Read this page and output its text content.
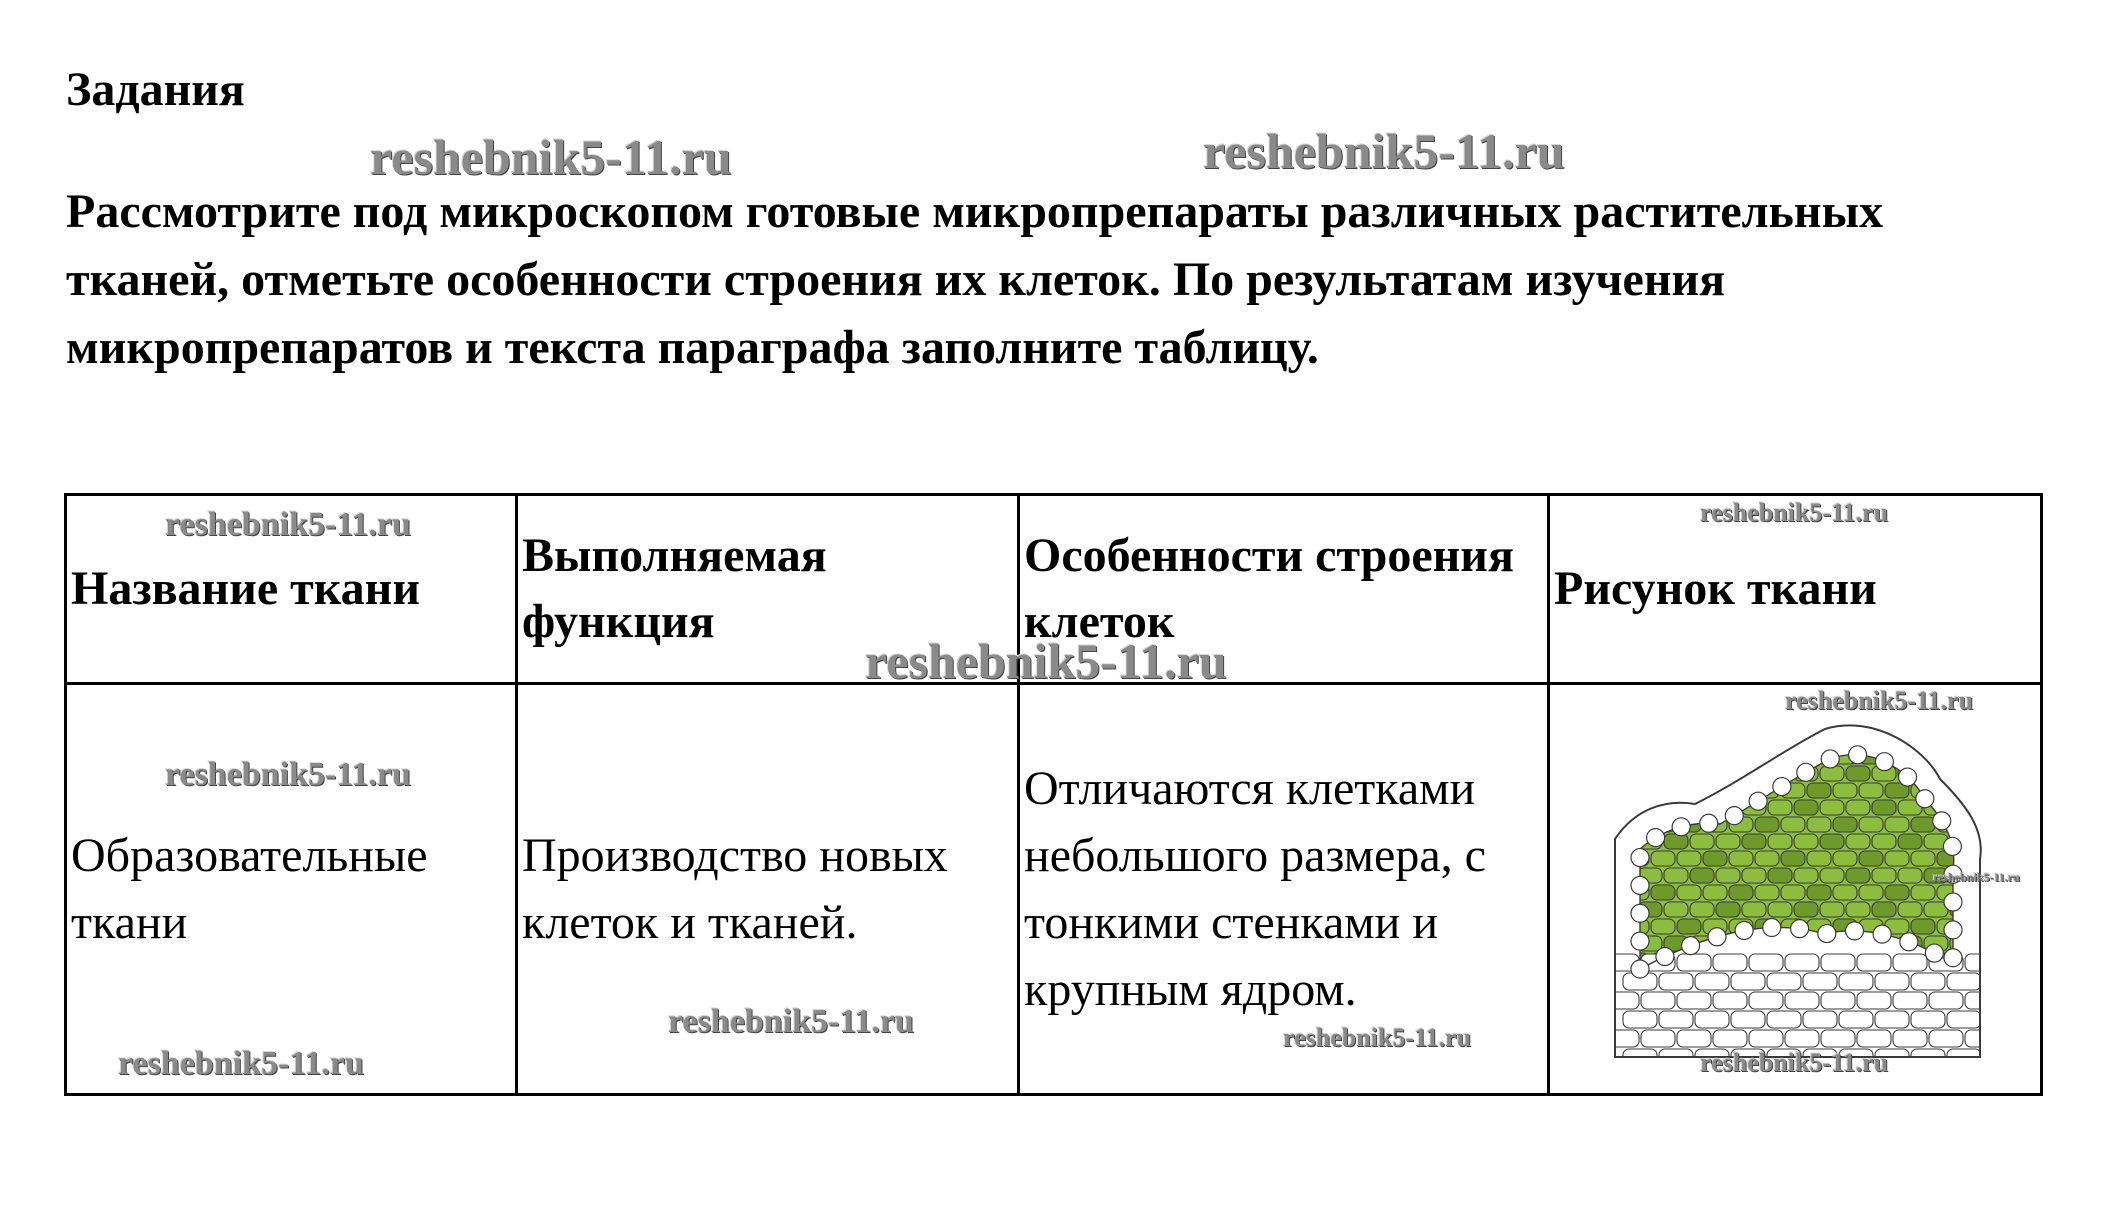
Задания

Рассмотрите под микроскопом готовые микропрепараты различных растительных тканей, отметьте особенности строения их клеток. По результатам изучения микропрепаратов и текста параграфа заполните таблицу.

Название ткани	Выполняемая функция	Особенности строения клеток	Рисунок ткани
Образовательные ткани	Производство новых клеток и тканей.	Отличаются клетками небольшого размера, с тонкими стенками и крупным ядром.	
reshebnik5-11.ru	reshebnik5-11.ru
reshebnik5-11.ru	reshebnik5-11.ru
reshebnik5-11.ru
reshebnik5-11.ru
reshebnik5-11.ru
reshebnik5-11.ru
reshebnik5-11.ru	reshebnik5-11.ru
reshebnik5-11.ru	reshebnik5-11.ru
